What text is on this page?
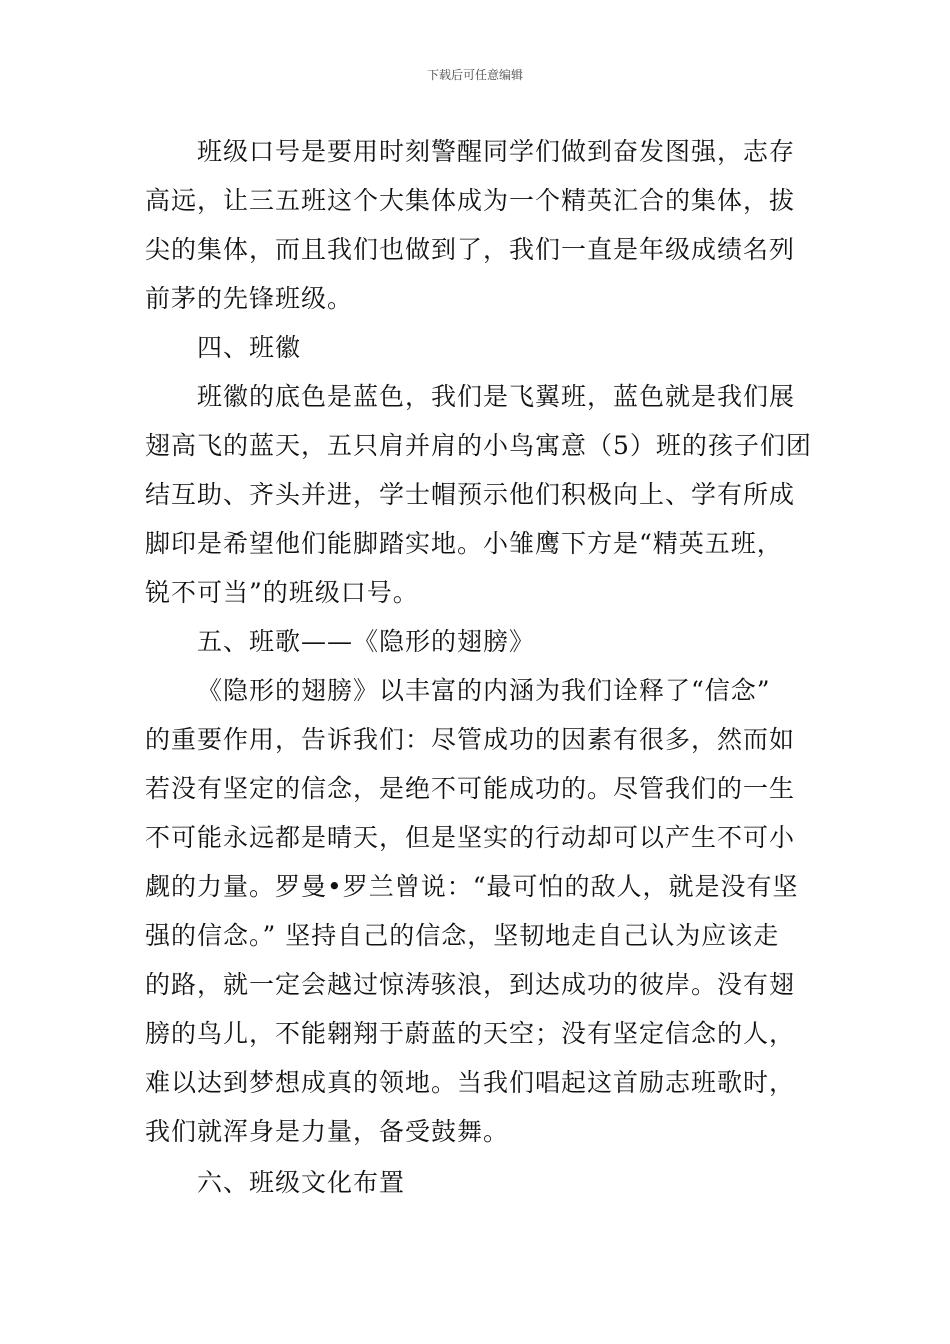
下载后可任意编辑
班级口号是要用时刻警醒同学们做到奋发图强，志存
高远，让三五班这个大集体成为一个精英汇合的集体，拔
尖的集体，而且我们也做到了，我们一直是年级成绩名列
前茅的先锋班级。
四、班徽
班徽的底色是蓝色，我们是飞翼班，蓝色就是我们展
翅高飞的蓝天，五只肩并肩的小鸟寓意（5）班的孩子们团
结互助、齐头并进，学士帽预示他们积极向上、学有所成
脚印是希望他们能脚踏实地。小雏鹰下方是“精英五班，
锐不可当”的班级口号。
五、班歌——《隐形的翅膀》
《隐形的翅膀》以丰富的内涵为我们诠释了“信念”
的重要作用，告诉我们：尽管成功的因素有很多，然而如
若没有坚定的信念，是绝不可能成功的。尽管我们的一生
不可能永远都是晴天，但是坚实的行动却可以产生不可小
觑的力量。罗曼•罗兰曾说：“最可怕的敌人，就是没有坚
强的信念。” 坚持自己的信念，坚韧地走自己认为应该走
的路，就一定会越过惊涛骇浪，到达成功的彼岸。没有翅
膀的鸟儿，不能翱翔于蔚蓝的天空；没有坚定信念的人，
难以达到梦想成真的领地。当我们唱起这首励志班歌时，
我们就浑身是力量，备受鼓舞。
六、班级文化布置
